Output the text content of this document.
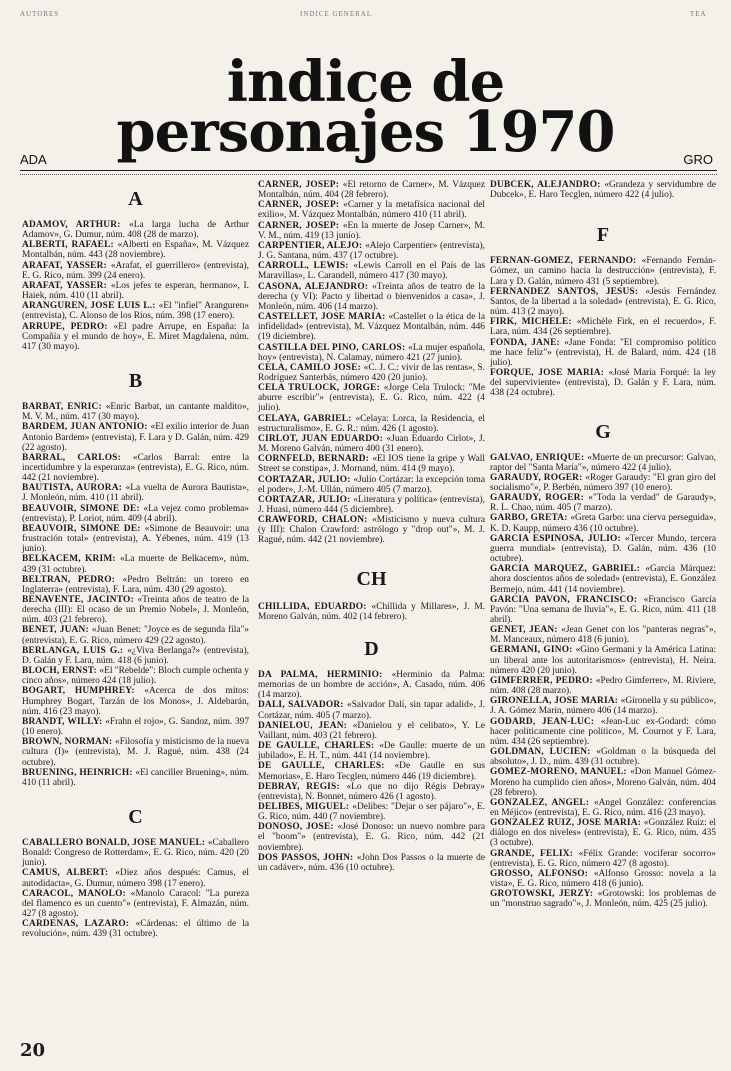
AUTORES	INDICE GENERAL	TEA
indice de
personajes 1970
ADA	GRO
A

ADAMOV, ARTHUR: «La larga lucha de Arthur Adamov», G. Dumur, núm. 408 (28 de marzo).

ALBERTI, RAFAEL: «Alberti en España», M. Vázquez Montalbán, núm. 443 (28 noviembre).

ARAFAT, YASSER: «Arafat, el guerrillero» (entrevista), E. G. Rico, núm. 399 (24 enero).

ARAFAT, YASSER: «Los jefes te esperan, hermano», I. Haiek, núm. 410 (11 abril).

ARANGUREN, JOSE LUIS L.: «El "infiel" Aranguren» (entrevista), C. Alonso de los Ríos, núm. 398 (17 enero).

ARRUPE, PEDRO: «El padre Arrupe, en España: la Compañía y el mundo de hoy», E. Miret Magdalena, núm. 417 (30 mayo).

B

BARBAT, ENRIC: «Enric Barbat, un cantante maldito», M. V. M., núm. 417 (30 mayo).

BARDEM, JUAN ANTONIO: «El exilio interior de Juan Antonio Bardem» (entrevista), F. Lara y D. Galán, núm. 429 (22 agosto).

BARRAL, CARLOS: «Carlos Barral: entre la incertidumbre y la esperanza» (entrevista), E. G. Rico, núm. 442 (21 noviembre).

BAUTISTA, AURORA: «La vuelta de Aurora Bautista», J. Monleón, núm. 410 (11 abril).

BEAUVOIR, SIMONE DE: «La vejez como problema» (entrevista), P. Loriot, núm. 409 (4 abril).

BEAUVOIR, SIMONE DE: «Simone de Beauvoir: una frustración total» (entrevista), A. Yébenes, núm. 419 (13 junio).

BELKACEM, KRIM: «La muerte de Belkacem», núm. 439 (31 octubre).

BELTRAN, PEDRO: «Pedro Beltrán: un torero en Inglaterra» (entrevista), F. Lara, núm. 430 (29 agosto).

BENAVENTE, JACINTO: «Treinta años de teatro de la derecha (III): El ocaso de un Premio Nobel», J. Monleón, núm. 403 (21 febrero).

BENET, JUAN: «Juan Benet: "Joyce es de segunda fila"» (entrevista), E. G. Rico, número 429 (22 agosto).

BERLANGA, LUIS G.: «¿Viva Berlanga?» (entrevista), D. Galán y F. Lara, núm. 418 (6 junio).

BLOCH, ERNST: «El "Rebelde": Bloch cumple ochenta y cinco años», número 424 (18 julio).

BOGART, HUMPHREY: «Acerca de dos mitos: Humphrey Bogart, Tarzán de los Monos», J. Aldebarán, núm. 416 (23 mayo).

BRANDT, WILLY: «Frahn el rojo», G. Sandoz, núm. 397 (10 enero).

BROWN, NORMAN: «Filosofía y misticismo de la nueva cultura (I)» (entrevista), M. J. Ragué, núm. 438 (24 octubre).

BRUENING, HEINRICH: «El canciller Bruening», núm. 410 (11 abril).

C

CABALLERO BONALD, JOSE MANUEL: «Caballero Bonald: Congreso de Rotterdam», E. G. Rico, núm. 420 (20 junio).

CAMUS, ALBERT: «Diez años después: Camus, el autodidacta», G. Dumur, número 398 (17 enero).

CARACOL, MANOLO: «Manolo Caracol: "La pureza del flamenco es un cuento"» (entrevista), F. Almazán, núm. 427 (8 agosto).

CARDENAS, LAZARO: «Cárdenas: el último de la revolución», núm. 439 (31 octubre).

CARNER, JOSEP: «El retorno de Carner», M. Vázquez Montalbán, núm. 404 (28 febrero).

CARNER, JOSEP: «Carner y la metafísica nacional del exilio», M. Vázquez Montalbán, número 410 (11 abril).

CARNER, JOSEP: «En la muerte de Josep Carner», M. V. M., núm. 419 (13 junio).

CARPENTIER, ALEJO: «Alejo Carpentier» (entrevista), J. G. Santana, núm. 437 (17 octubre).

CARROLL, LEWIS: «Lewis Carroll en el País de las Maravillas», L. Carandell, número 417 (30 mayo).

CASONA, ALEJANDRO: «Treinta años de teatro de la derecha (y VI): Pacto y libertad o bienvenidos a casa», J. Monleón, núm. 406 (14 marzo).

CASTELLET, JOSE MARIA: «Castellet o la ética de la infidelidad» (entrevista), M. Vázquez Montalbán, núm. 446 (19 diciembre).

CASTILLA DEL PINO, CARLOS: «La mujer española, hoy» (entrevista), N. Calamay, número 421 (27 junio).

CELA, CAMILO JOSE: «C. J. C.: vivir de las rentas», S. Rodríguez Santerbás, número 420 (20 junio).

CELA TRULOCK, JORGE: «Jorge Cela Trulock: "Me aburre escribir"» (entrevista), E. G. Rico, núm. 422 (4 julio).

CELAYA, GABRIEL: «Celaya: Lorca, la Residencia, el estructuralismo», E. G. R.: núm. 426 (1 agosto).

CIRLOT, JUAN EDUARDO: «Juan Eduardo Cirlot», J. M. Moreno Galván, número 400 (31 enero).

CORNFELD, BERNARD: «El IOS tiene la gripe y Wall Street se constipa», J. Mornand, núm. 414 (9 mayo).

CORTAZAR, JULIO: «Julio Cortázar: la excepción toma el poder», J.-M. Ullán, número 405 (7 marzo).

CORTAZAR, JULIO: «Literatura y política» (entrevista), J. Huasi, número 444 (5 diciembre).

CRAWFORD, CHALON: «Misticismo y nueva cultura (y III): Chalon Crawford: astrólogo y "drop out"», M. J. Ragué, núm. 442 (21 noviembre).

CH

CHILLIDA, EDUARDO: «Chillida y Millares», J. M. Moreno Galván, núm. 402 (14 febrero).

D

DA PALMA, HERMINIO: «Herminio da Palma: memorias de un hombre de acción», A. Casado, núm. 406 (14 marzo).

DALI, SALVADOR: «Salvador Dalí, sin tapar adalid», J. Cortázar, núm. 405 (7 marzo).

DANIELOU, JEAN: «Danielou y el celibato», Y. Le Vaillant, núm. 403 (21 febrero).

DE GAULLE, CHARLES: «De Gaulle: muerte de un jubilado», E. H. T., núm. 441 (14 noviembre).

DE GAULLE, CHARLES: «De Gaulle en sus Memorias», E. Haro Tecglen, número 446 (19 diciembre).

DEBRAY, REGIS: «Lo que no dijo Régis Debray» (entrevista), N. Bonnet, número 426 (1 agosto).

DELIBES, MIGUEL: «Delibes: "Dejar o ser pájaro"», E. G. Rico, núm. 440 (7 noviembre).

DONOSO, JOSE: «José Donoso: un nuevo nombre para el "boom"» (entrevista), E. G. Rico, núm. 442 (21 noviembre).

DOS PASSOS, JOHN: «John Dos Passos o la muerte de un cadáver», núm. 436 (10 octubre).

DUBCEK, ALEJANDRO: «Grandeza y servidumbre de Dubcek», E. Haro Tecglen, número 422 (4 julio).

F

FERNAN-GOMEZ, FERNANDO: «Fernando Fernán-Gómez, un camino hacia la destrucción» (entrevista), F. Lara y D. Galán, número 431 (5 septiembre).

FERNANDEZ SANTOS, JESUS: «Jesús Fernández Santos, de la libertad a la soledad» (entrevista), E. G. Rico, núm. 413 (2 mayo).

FIRK, MICHELE: «Michèle Firk, en el recuerdo», F. Lara, núm. 434 (26 septiembre).

FONDA, JANE: «Jane Fonda: "El compromiso político me hace feliz"» (entrevista), H. de Balard, núm. 424 (18 julio).

FORQUE, JOSE MARIA: «José María Forqué: la ley del superviviente» (entrevista), D. Galán y F. Lara, núm. 438 (24 octubre).

G

GALVAO, ENRIQUE: «Muerte de un precursor: Galvao, raptor del "Santa María"», número 422 (4 julio).

GARAUDY, ROGER: «Roger Garaudy: "El gran giro del socialismo"», P. Berbén, número 397 (10 enero).

GARAUDY, ROGER: «"Toda la verdad" de Garaudy», R. L. Chao, núm. 405 (7 marzo).

GARBO, GRETA: «Greta Garbo: una cierva perseguida», K. D. Kaupp, número 436 (10 octubre).

GARCIA ESPINOSA, JULIO: «Tercer Mundo, tercera guerra mundial» (entrevista), D. Galán, núm. 436 (10 octubre).

GARCIA MARQUEZ, GABRIEL: «García Márquez: ahora doscientos años de soledad» (entrevista), E. González Bermejo, núm. 441 (14 noviembre).

GARCIA PAVON, FRANCISCO: «Francisco García Pavón: "Una semana de lluvia"», E. G. Rico, núm. 411 (18 abril).

GENET, JEAN: «Jean Genet con los "panteras negras"», M. Manceaux, número 418 (6 junio).

GERMANI, GINO: «Gino Germani y la América Latina: un liberal ante los autoritarismos» (entrevista), H. Neira. número 420 (20 junio).

GIMFERRER, PEDRO: «Pedro Gimferrer», M. Riviere, núm. 408 (28 marzo).

GIRONELLA, JOSE MARIA: «Gironella y su público», J. A. Gómez Marín, número 406 (14 marzo).

GODARD, JEAN-LUC: «Jean-Luc ex-Godard: cómo hacer políticamente cine político», M. Cournot y F. Lara, núm. 434 (26 septiembre).

GOLDMAN, LUCIEN: «Goldman o la búsqueda del absoluto», J. D., núm. 439 (31 octubre).

GOMEZ-MORENO, MANUEL: «Don Manuel Gómez-Moreno ha cumplido cien años», Moreno Galván, núm. 404 (28 febrero).

GONZALEZ, ANGEL: «Angel González: conferencias en Méjico» (entrevista), E. G. Rico, núm. 416 (23 mayo).

GONZALEZ RUIZ, JOSE MARIA: «González Ruiz: el diálogo en dos niveles» (entrevista), E. G. Rico, núm. 435 (3 octubre).

GRANDE, FELIX: «Félix Grande: vociferar socorro» (entrevista), E. G. Rico, número 427 (8 agosto).

GROSSO, ALFONSO: «Alfonso Grosso: novela a la vista», E. G. Rico, número 418 (6 junio).

GROTOWSKI, JERZY: «Grotowski: los problemas de un "monstruo sagrado"», J. Monleón, núm. 425 (25 julio).

20
